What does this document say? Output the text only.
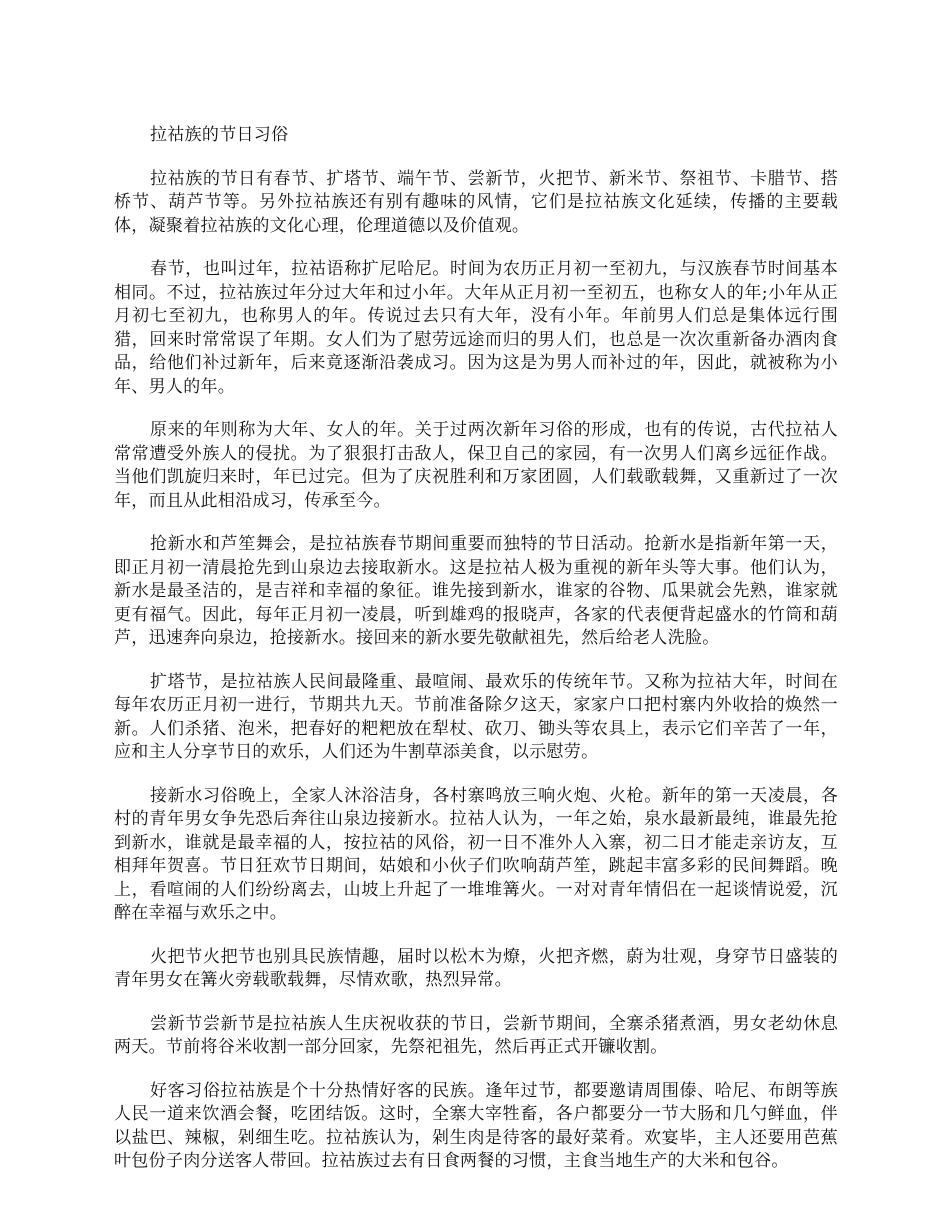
拉祜族的节日习俗

拉祜族的节日有春节、扩塔节、端午节、尝新节，火把节、新米节、祭祖节、卡腊节、搭桥节、葫芦节等。另外拉祜族还有别有趣味的风情，它们是拉祜族文化延续，传播的主要载体，凝聚着拉祜族的文化心理，伦理道德以及价值观。

春节，也叫过年，拉祜语称扩尼哈尼。时间为农历正月初一至初九，与汉族春节时间基本相同。不过，拉祜族过年分过大年和过小年。大年从正月初一至初五，也称女人的年;小年从正月初七至初九，也称男人的年。传说过去只有大年，没有小年。年前男人们总是集体远行围猎，回来时常常误了年期。女人们为了慰劳远途而归的男人们，也总是一次次重新备办酒肉食品，给他们补过新年，后来竟逐渐沿袭成习。因为这是为男人而补过的年，因此，就被称为小年、男人的年。

原来的年则称为大年、女人的年。关于过两次新年习俗的形成，也有的传说，古代拉祜人常常遭受外族人的侵扰。为了狠狠打击敌人，保卫自己的家园，有一次男人们离乡远征作战。当他们凯旋归来时，年已过完。但为了庆祝胜利和万家团圆，人们载歌载舞，又重新过了一次年，而且从此相沿成习，传承至今。

抢新水和芦笙舞会，是拉祜族春节期间重要而独特的节日活动。抢新水是指新年第一天，即正月初一清晨抢先到山泉边去接取新水。这是拉祜人极为重视的新年头等大事。他们认为，新水是最圣洁的，是吉祥和幸福的象征。谁先接到新水，谁家的谷物、瓜果就会先熟，谁家就更有福气。因此，每年正月初一凌晨，听到雄鸡的报晓声，各家的代表便背起盛水的竹筒和葫芦，迅速奔向泉边，抢接新水。接回来的新水要先敬献祖先，然后给老人洗脸。

扩塔节，是拉祜族人民间最隆重、最喧闹、最欢乐的传统年节。又称为拉祜大年，时间在每年农历正月初一进行，节期共九天。节前准备除夕这天，家家户口把村寨内外收拾的焕然一新。人们杀猪、泡米，把春好的粑粑放在犁杖、砍刀、锄头等农具上，表示它们辛苦了一年，应和主人分享节日的欢乐，人们还为牛割草添美食，以示慰劳。

接新水习俗晚上，全家人沐浴洁身，各村寨鸣放三响火炮、火枪。新年的第一天凌晨，各村的青年男女争先恐后奔往山泉边接新水。拉祜人认为，一年之始，泉水最新最纯，谁最先抢到新水，谁就是最幸福的人，按拉祜的风俗，初一日不准外人入寨，初二日才能走亲访友，互相拜年贺喜。节日狂欢节日期间，姑娘和小伙子们吹响葫芦笙，跳起丰富多彩的民间舞蹈。晚上，看喧闹的人们纷纷离去，山坡上升起了一堆堆篝火。一对对青年情侣在一起谈情说爱，沉醉在幸福与欢乐之中。

火把节火把节也别具民族情趣，届时以松木为燎，火把齐燃，蔚为壮观，身穿节日盛装的青年男女在篝火旁载歌载舞，尽情欢歌，热烈异常。

尝新节尝新节是拉祜族人生庆祝收获的节日，尝新节期间，全寨杀猪煮酒，男女老幼休息两天。节前将谷米收割一部分回家，先祭祀祖先，然后再正式开镰收割。

好客习俗拉祜族是个十分热情好客的民族。逢年过节，都要邀请周围傣、哈尼、布朗等族人民一道来饮酒会餐，吃团结饭。这时，全寨大宰牲畜，各户都要分一节大肠和几勺鲜血，伴以盐巴、辣椒，剁细生吃。拉祜族认为，剁生肉是待客的最好菜肴。欢宴毕，主人还要用芭蕉叶包份子肉分送客人带回。拉祜族过去有日食两餐的习惯，主食当地生产的大米和包谷。
